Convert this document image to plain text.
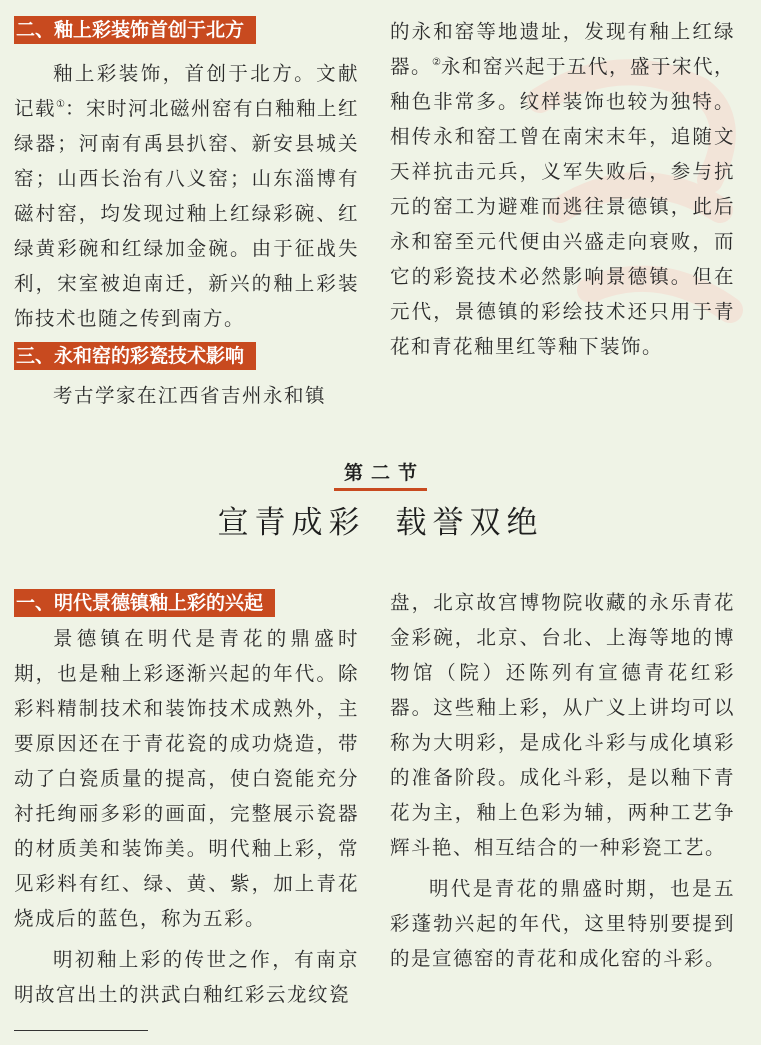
二、釉上彩装饰首创于北方

釉上彩装饰，首创于北方。文献记载①：宋时河北磁州窑有白釉釉上红绿器；河南有禹县扒窑、新安县城关窑；山西长治有八义窑；山东淄博有磁村窑，均发现过釉上红绿彩碗、红绿黄彩碗和红绿加金碗。由于征战失利，宋室被迫南迁，新兴的釉上彩装饰技术也随之传到南方。

三、永和窑的彩瓷技术影响

考古学家在江西省吉州永和镇

的永和窑等地遗址，发现有釉上红绿器。②永和窑兴起于五代，盛于宋代，釉色非常多。纹样装饰也较为独特。相传永和窑工曾在南宋末年，追随文天祥抗击元兵，义军失败后，参与抗元的窑工为避难而逃往景德镇，此后永和窑至元代便由兴盛走向衰败，而它的彩瓷技术必然影响景德镇。但在元代，景德镇的彩绘技术还只用于青花和青花釉里红等釉下装饰。

第二节
宣青成彩 载誉双绝
一、明代景德镇釉上彩的兴起

景德镇在明代是青花的鼎盛时期，也是釉上彩逐渐兴起的年代。除彩料精制技术和装饰技术成熟外，主要原因还在于青花瓷的成功烧造，带动了白瓷质量的提高，使白瓷能充分衬托绚丽多彩的画面，完整展示瓷器的材质美和装饰美。明代釉上彩，常见彩料有红、绿、黄、紫，加上青花烧成后的蓝色，称为五彩。

明初釉上彩的传世之作，有南京明故宫出土的洪武白釉红彩云龙纹瓷

盘，北京故宫博物院收藏的永乐青花金彩碗，北京、台北、上海等地的博物馆（院）还陈列有宣德青花红彩器。这些釉上彩，从广义上讲均可以称为大明彩，是成化斗彩与成化填彩的准备阶段。成化斗彩，是以釉下青花为主，釉上色彩为辅，两种工艺争辉斗艳、相互结合的一种彩瓷工艺。

明代是青花的鼎盛时期，也是五彩蓬勃兴起的年代，这里特别要提到的是宣德窑的青花和成化窑的斗彩。
